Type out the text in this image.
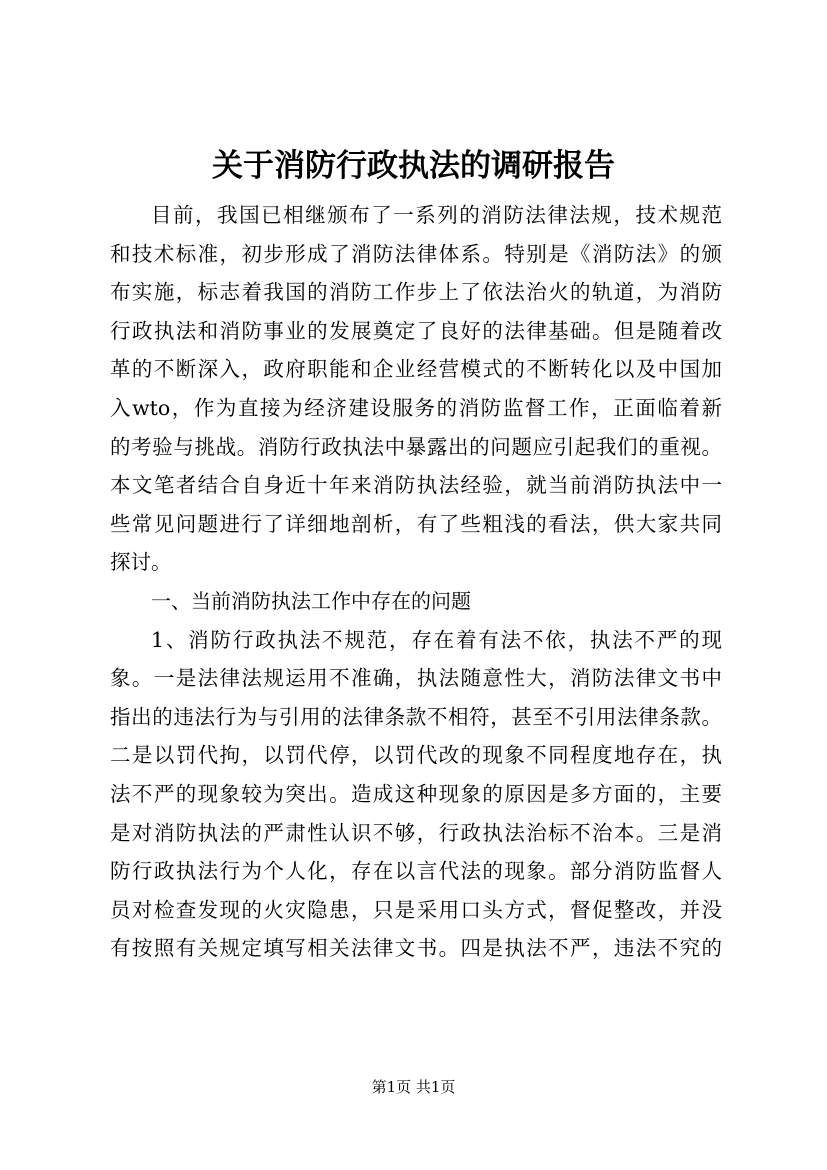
关于消防行政执法的调研报告
目前，我国已相继颁布了一系列的消防法律法规，技术规范
和技术标准，初步形成了消防法律体系。特别是《消防法》的颁
布实施，标志着我国的消防工作步上了依法治火的轨道，为消防
行政执法和消防事业的发展奠定了良好的法律基础。但是随着改
革的不断深入，政府职能和企业经营模式的不断转化以及中国加
入wto，作为直接为经济建设服务的消防监督工作，正面临着新
的考验与挑战。消防行政执法中暴露出的问题应引起我们的重视。
本文笔者结合自身近十年来消防执法经验，就当前消防执法中一
些常见问题进行了详细地剖析，有了些粗浅的看法，供大家共同
探讨。
一、当前消防执法工作中存在的问题
1、消防行政执法不规范，存在着有法不依，执法不严的现
象。一是法律法规运用不准确，执法随意性大，消防法律文书中
指出的违法行为与引用的法律条款不相符，甚至不引用法律条款。
二是以罚代拘，以罚代停，以罚代改的现象不同程度地存在，执
法不严的现象较为突出。造成这种现象的原因是多方面的，主要
是对消防执法的严肃性认识不够，行政执法治标不治本。三是消
防行政执法行为个人化，存在以言代法的现象。部分消防监督人
员对检查发现的火灾隐患，只是采用口头方式，督促整改，并没
有按照有关规定填写相关法律文书。四是执法不严，违法不究的
第1页 共1页
